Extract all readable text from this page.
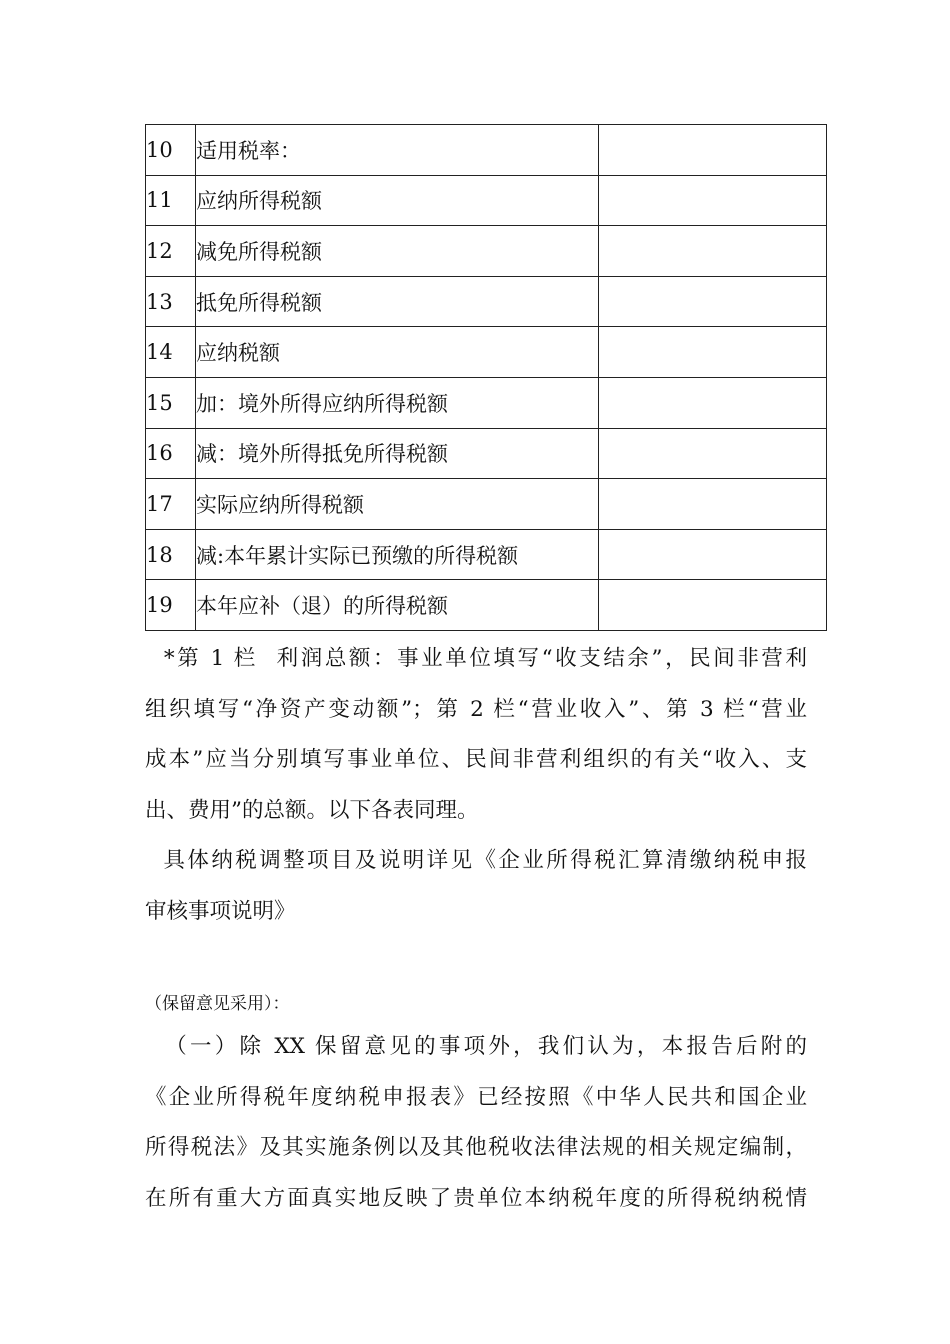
10	适用税率：	
11	应纳所得税额	
12	减免所得税额	
13	抵免所得税额	
14	应纳税额	
15	加：境外所得应纳所得税额	
16	减：境外所得抵免所得税额	
17	实际应纳所得税额	
18	减:本年累计实际已预缴的所得税额	
19	本年应补（退）的所得税额	
*第 1 栏  利润总额：事业单位填写“收支结余”，民间非营利
组织填写“净资产变动额”；第 2 栏“营业收入”、第 3 栏“营业
成本”应当分别填写事业单位、民间非营利组织的有关“收入、支
出、费用”的总额。以下各表同理。
具体纳税调整项目及说明详见《企业所得税汇算清缴纳税申报
审核事项说明》
（保留意见采用）：
（一）除 XX 保留意见的事项外，我们认为，本报告后附的
《企业所得税年度纳税申报表》已经按照《中华人民共和国企业
所得税法》及其实施条例以及其他税收法律法规的相关规定编制，
在所有重大方面真实地反映了贵单位本纳税年度的所得税纳税情
